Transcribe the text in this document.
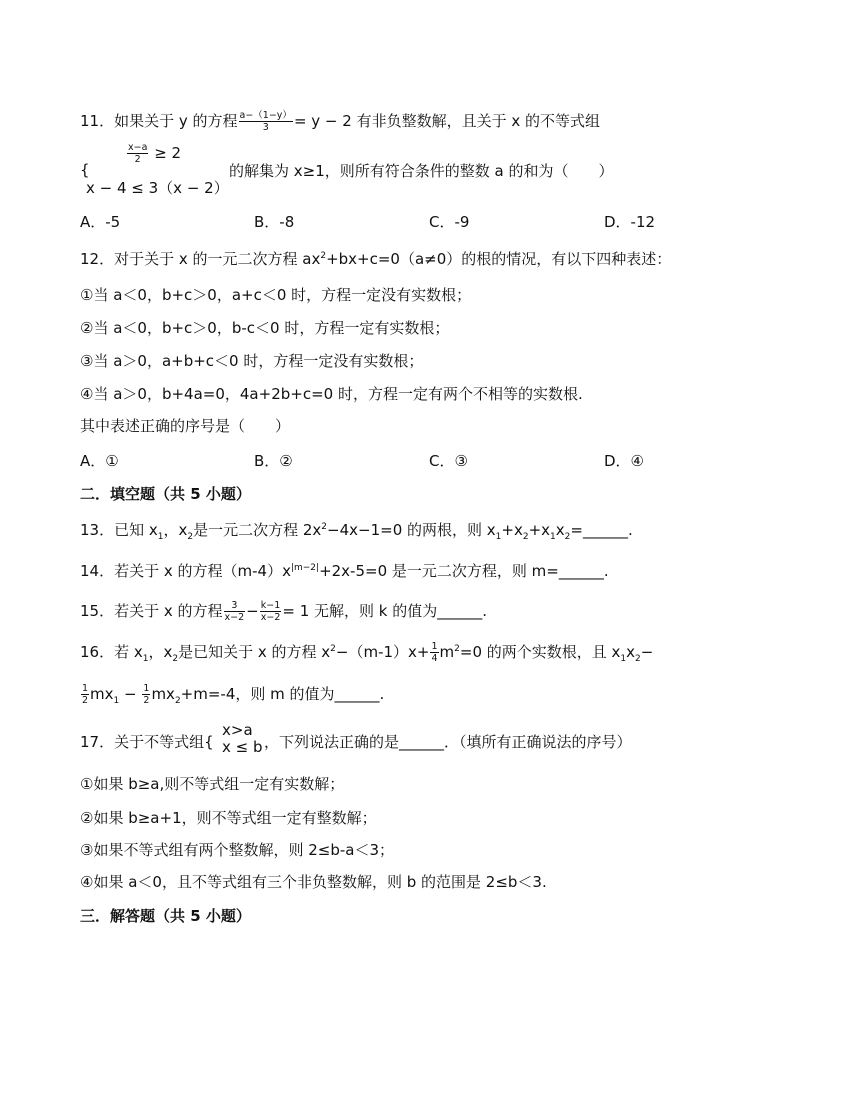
11．如果关于 y 的方程 $\frac{a-(1-y)}{3} = y - 2$ 有非负整数解，且关于 x 的不等式组
{
$\frac{x-a}{2} \ge 2$
x − 4 ≤ 3（x − 2）
的解集为 x≥1，则所有符合条件的整数 a 的和为（　　）
A．-5	B．-8	C．-9	D．-12
12．对于关于 x 的一元二次方程 $ax^2+bx+c=0(a\ne 0)$的根的情况，有以下四种表述：
①当 a＜0，b+c＞0，a+c＜0 时，方程一定没有实数根；
②当 a＜0，b+c＞0，b-c＜0 时，方程一定有实数根；
③当 a＞0，a+b+c＜0 时，方程一定没有实数根；
④当 a＞0，b+4a=0，4a+2b+c=0 时，方程一定有两个不相等的实数根.
其中表述正确的序号是（　　）
A．①	B．②	C．③	D．④
二．填空题（共 5 小题）
13．已知 $x_1$，$x_2$是一元二次方程 $2x^2-4x-1=0$ 的两根，则 $x_1+x_2+x_1x_2=\_\_\_\_\_\_$.
14．若关于 x 的方程$(m-4)x^{|m-2|}+2x-5=0$ 是一元二次方程，则 m=______.
15．若关于 x 的方程 $\frac{3}{x-2} - \frac{k-1}{x-2} = 1$ 无解，则 k 的值为______.
16．若 $x_1$，$x_2$是已知关于 x 的方程 $x^2-(m-1)x+ \frac{1}{4} m^2=0$ 的两个实数根，且 $x_1x_2-$
$\frac{1}{2} mx_1 - \frac{1}{2} mx_2+m=-4$，则 m 的值为______.
17．关于不等式组{
x>a
x ≤ b ，下列说法正确的是______．（填所有正确说法的序号）
①如果 b≥a,则不等式组一定有实数解；
②如果 b≥a+1，则不等式组一定有整数解；
③如果不等式组有两个整数解，则 2≤b-a＜3；
④如果 a＜0，且不等式组有三个非负整数解，则 b 的范围是 2≤b＜3.
三．解答题（共 5 小题）
